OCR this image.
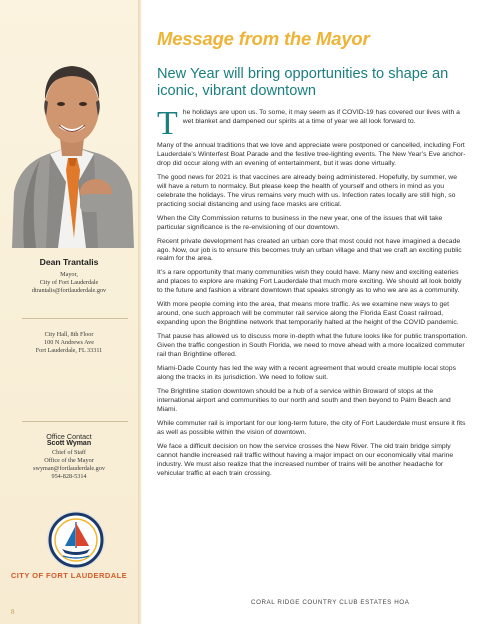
Dean Trantalis
Mayor,
City of Fort Lauderdale
dtrantalis@fortlauderdale.gov
City Hall, 8th Floor
100 N Andrews Ave
Fort Lauderdale, FL 33311
Office Contact
Scott Wyman
Chief of Staff
Office of the Mayor
swyman@fortlauderdale.gov
954-828-5314
CITY OF FORT LAUDERDALE
8
Message from the Mayor
New Year will bring opportunities to shape an iconic, vibrant downtown

The holidays are upon us. To some, it may seem as if COVID-19 has covered our lives with a wet blanket and dampened our spirits at a time of year we all look forward to.

Many of the annual traditions that we love and appreciate were postponed or cancelled, including Fort Lauderdale’s Winterfest Boat Parade and the festive tree-lighting events. The New Year’s Eve anchor-drop did occur along with an evening of entertainment, but it was done virtually.

The good news for 2021 is that vaccines are already being administered. Hopefully, by summer, we will have a return to normalcy. But please keep the health of yourself and others in mind as you celebrate the holidays. The virus remains very much with us. Infection rates locally are still high, so practicing social distancing and using face masks are critical.

When the City Commission returns to business in the new year, one of the issues that will take particular significance is the re-envisioning of our downtown.

Recent private development has created an urban core that most could not have imagined a decade ago. Now, our job is to ensure this becomes truly an urban village and that we craft an exciting public realm for the area.

It’s a rare opportunity that many communities wish they could have. Many new and exciting eateries and places to explore are making Fort Lauderdale that much more exciting. We should all look boldly to the future and fashion a vibrant downtown that speaks strongly as to who we are as a community.

With more people coming into the area, that means more traffic. As we examine new ways to get around, one such approach will be commuter rail service along the Florida East Coast railroad, expanding upon the Brightline network that temporarily halted at the height of the COVID pandemic.

That pause has allowed us to discuss more in-depth what the future looks like for public transportation. Given the traffic congestion in South Florida, we need to move ahead with a more localized commuter rail than Brightline offered.

Miami-Dade County has led the way with a recent agreement that would create multiple local stops along the tracks in its jurisdiction. We need to follow suit.

The Brightline station downtown should be a hub of a service within Broward of stops at the international airport and communities to our north and south and then beyond to Palm Beach and Miami.

While commuter rail is important for our long-term future, the city of Fort Lauderdale must ensure it fits as well as possible within the vision of downtown.

We face a difficult decision on how the service crosses the New River. The old train bridge simply cannot handle increased rail traffic without having a major impact on our economically vital marine industry. We must also realize that the increased number of trains will be another headache for vehicular traffic at each train crossing.

CORAL RIDGE COUNTRY CLUB ESTATES HOA
